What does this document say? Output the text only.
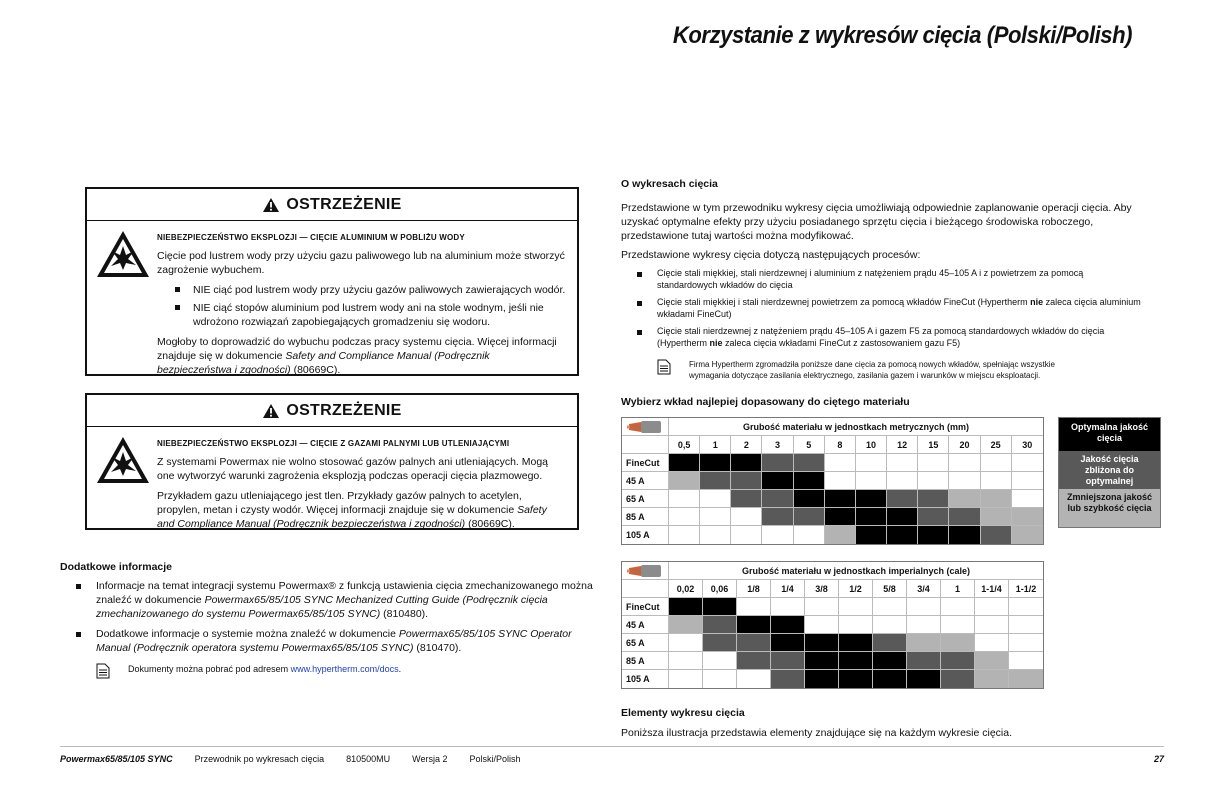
Korzystanie z wykresów cięcia (Polski/Polish)
OSTRZEŻENIE
NIEBEZPIECZEŃSTWO EKSPLOZJI — CIĘCIE ALUMINIUM W POBLIŻU WODY

Cięcie pod lustrem wody przy użyciu gazu paliwowego lub na aluminium może stworzyć zagrożenie wybuchem.

NIE ciąć pod lustrem wody przy użyciu gazów paliwowych zawierających wodór.
NIE ciąć stopów aluminium pod lustrem wody ani na stole wodnym, jeśli nie wdrożono rozwiązań zapobiegających gromadzeniu się wodoru.

Mogłoby to doprowadzić do wybuchu podczas pracy systemu cięcia. Więcej informacji znajduje się w dokumencie Safety and Compliance Manual (Podręcznik bezpieczeństwa i zgodności) (80669C).

OSTRZEŻENIE
NIEBEZPIECZEŃSTWO EKSPLOZJI — CIĘCIE Z GAZAMI PALNYMI LUB UTLENIAJĄCYMI

Z systemami Powermax nie wolno stosować gazów palnych ani utleniających. Mogą one wytworzyć warunki zagrożenia eksplozją podczas operacji cięcia plazmowego.

Przykładem gazu utleniającego jest tlen. Przykłady gazów palnych to acetylen, propylen, metan i czysty wodór. Więcej informacji znajduje się w dokumencie Safety and Compliance Manual (Podręcznik bezpieczeństwa i zgodności) (80669C).

Dodatkowe informacje
Informacje na temat integracji systemu Powermax® z funkcją ustawienia cięcia zmechanizowanego można znaleźć w dokumencie Powermax65/85/105 SYNC Mechanized Cutting Guide (Podręcznik cięcia zmechanizowanego do systemu Powermax65/85/105 SYNC) (810480).
Dodatkowe informacje o systemie można znaleźć w dokumencie Powermax65/85/105 SYNC Operator Manual (Podręcznik operatora systemu Powermax65/85/105 SYNC) (810470).
Dokumenty można pobrać pod adresem www.hypertherm.com/docs.
O wykresach cięcia
Przedstawione w tym przewodniku wykresy cięcia umożliwiają odpowiednie zaplanowanie operacji cięcia. Aby uzyskać optymalne efekty przy użyciu posiadanego sprzętu cięcia i bieżącego środowiska roboczego, przedstawione tutaj wartości można modyfikować.
Przedstawione wykresy cięcia dotyczą następujących procesów:
Cięcie stali miękkiej, stali nierdzewnej i aluminium z natężeniem prądu 45–105 A i z powietrzem za pomocą standardowych wkładów do cięcia
Cięcie stali miękkiej i stali nierdzewnej powietrzem za pomocą wkładów FineCut (Hypertherm nie zaleca cięcia aluminium wkładami FineCut)
Cięcie stali nierdzewnej z natężeniem prądu 45–105 A i gazem F5 za pomocą standardowych wkładów do cięcia (Hypertherm nie zaleca cięcia wkładami FineCut z zastosowaniem gazu F5)
Firma Hypertherm zgromadziła poniższe dane cięcia za pomocą nowych wkładów, spełniając wszystkie wymagania dotyczące zasilania elektrycznego, zasilania gazem i warunków w miejscu eksploatacji.
Wybierz wkład najlepiej dopasowany do ciętego materiału
Grubość materiału w jednostkach metrycznych (mm)
0,5	1	2	3	5	8	10	12	15	20	25	30
FineCut
45 A
65 A
85 A
105 A
Grubość materiału w jednostkach imperialnych (cale)
0,02	0,06	1/8	1/4	3/8	1/2	5/8	3/4	1	1-1/4	1-1/2
FineCut
45 A
65 A
85 A
105 A
Optymalna jakość cięcia
Jakość cięcia zbliżona do optymalnej
Zmniejszona jakość lub szybkość cięcia
Elementy wykresu cięcia
Poniższa ilustracja przedstawia elementy znajdujące się na każdym wykresie cięcia.
Powermax65/85/105 SYNC Przewodnik po wykresach cięcia 810500MU Wersja 2 Polski/Polish	27
